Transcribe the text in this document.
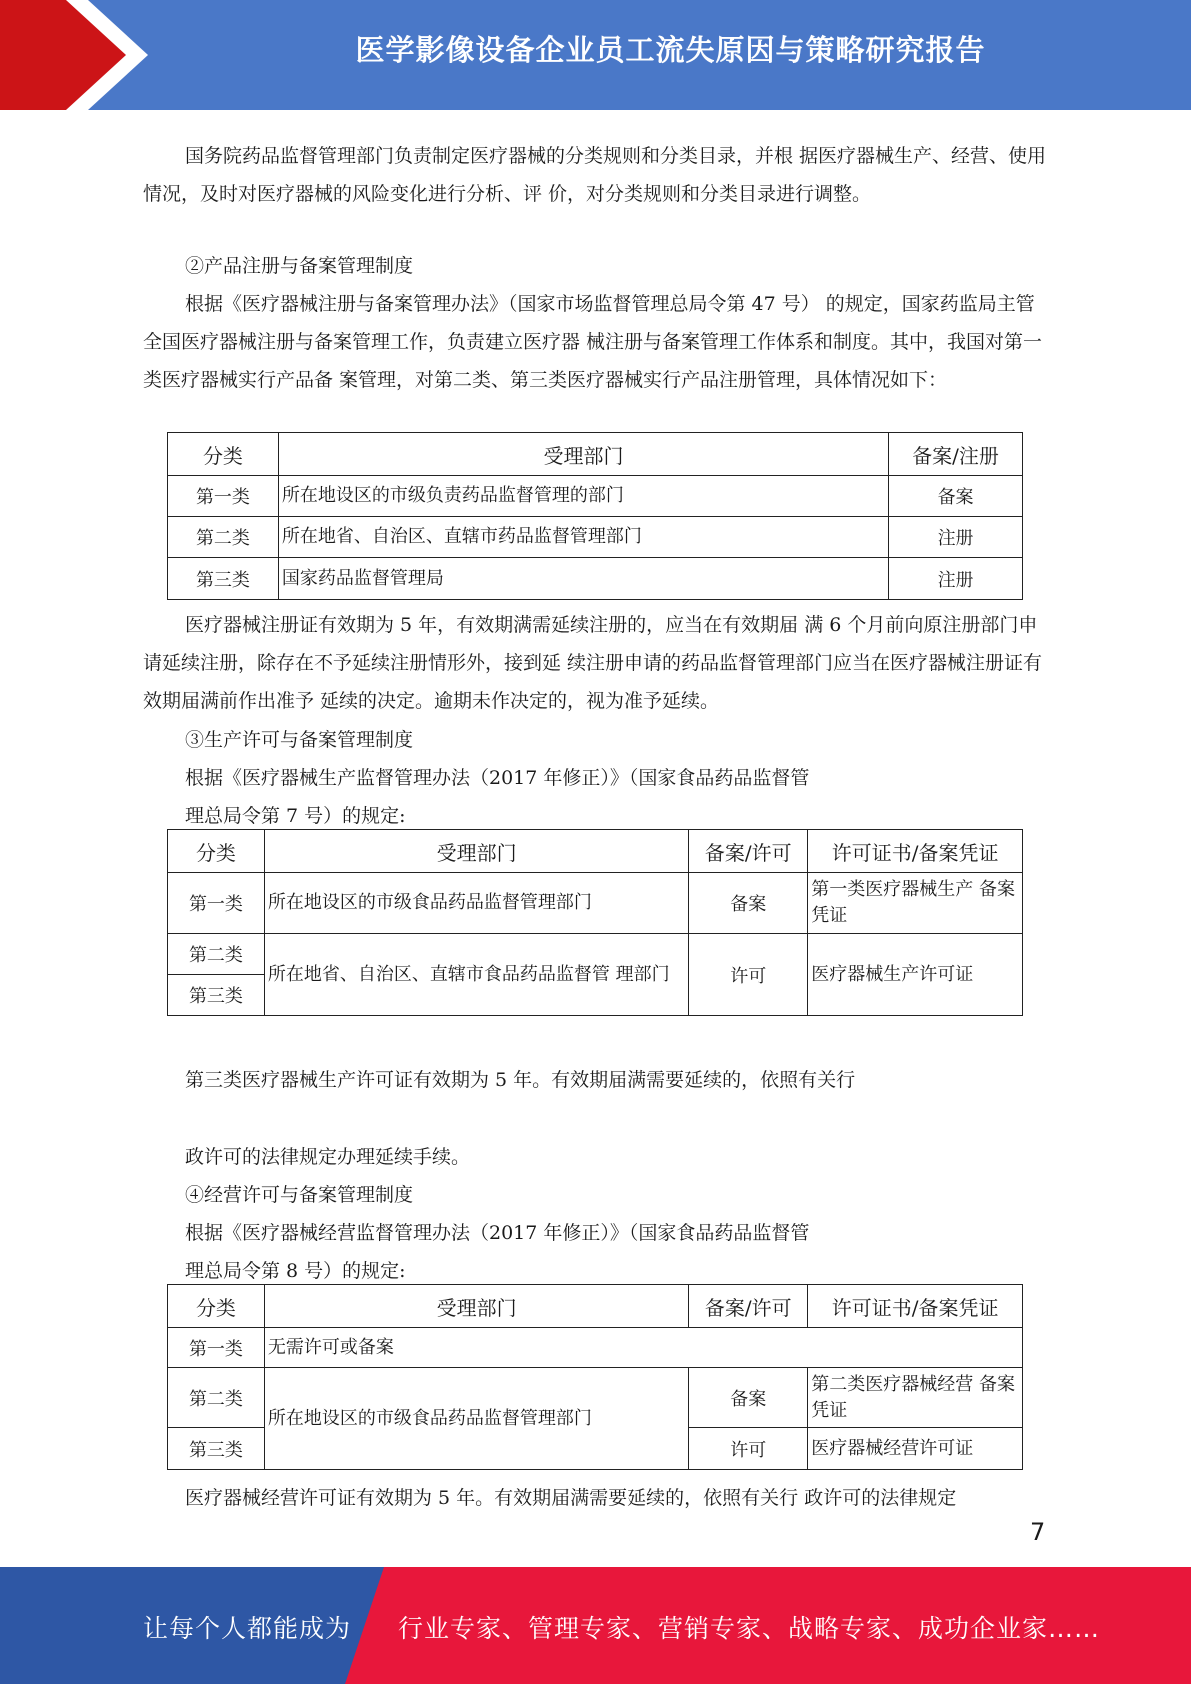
医学影像设备企业员工流失原因与策略研究报告
国务院药品监督管理部门负责制定医疗器械的分类规则和分类目录，并根 据医疗器械生产、经营、使用情况，及时对医疗器械的风险变化进行分析、评 价，对分类规则和分类目录进行调整。
②产品注册与备案管理制度
根据《医疗器械注册与备案管理办法》（国家市场监督管理总局令第 47 号） 的规定，国家药监局主管全国医疗器械注册与备案管理工作，负责建立医疗器 械注册与备案管理工作体系和制度。其中，我国对第一类医疗器械实行产品备 案管理，对第二类、第三类医疗器械实行产品注册管理，具体情况如下：
分类	受理部门	备案/注册
第一类	所在地设区的市级负责药品监督管理的部门	备案
第二类	所在地省、自治区、直辖市药品监督管理部门	注册
第三类	国家药品监督管理局	注册
医疗器械注册证有效期为 5 年，有效期满需延续注册的，应当在有效期届 满 6 个月前向原注册部门申请延续注册，除存在不予延续注册情形外，接到延 续注册申请的药品监督管理部门应当在医疗器械注册证有效期届满前作出准予 延续的决定。逾期未作决定的，视为准予延续。
③生产许可与备案管理制度
根据《医疗器械生产监督管理办法（2017 年修正）》（国家食品药品监督管
理总局令第 7 号）的规定:
分类	受理部门	备案/许可	许可证书/备案凭证
第一类	所在地设区的市级食品药品监督管理部门	备案	第一类医疗器械生产 备案凭证
第二类	所在地省、自治区、直辖市食品药品监督管 理部门	许可	医疗器械生产许可证
第三类			
第三类医疗器械生产许可证有效期为 5 年。有效期届满需要延续的，依照有关行
政许可的法律规定办理延续手续。
④经营许可与备案管理制度
根据《医疗器械经营监督管理办法（2017 年修正）》（国家食品药品监督管
理总局令第 8 号）的规定:
分类	受理部门	备案/许可	许可证书/备案凭证
第一类	无需许可或备案		
第二类	所在地设区的市级食品药品监督管理部门	备案	第二类医疗器械经营 备案凭证
第三类		许可	医疗器械经营许可证
医疗器械经营许可证有效期为 5 年。有效期届满需要延续的，依照有关行 政许可的法律规定
7
让每个人都能成为 行业专家、管理专家、营销专家、战略专家、成功企业家……
